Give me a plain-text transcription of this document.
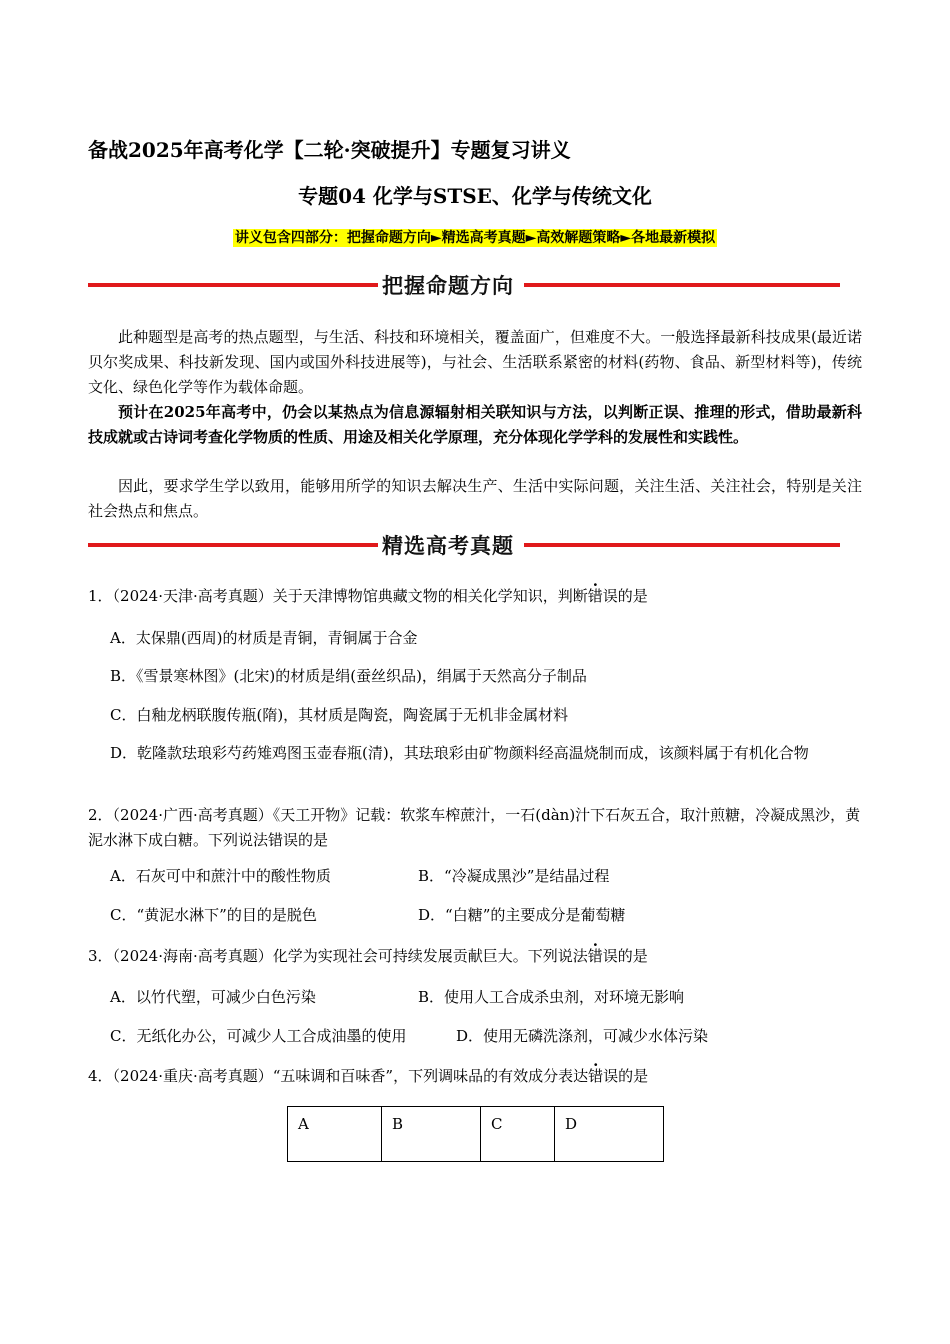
备战2025年高考化学【二轮·突破提升】专题复习讲义
专题04 化学与STSE、化学与传统文化
讲义包含四部分：把握命题方向►精选高考真题►高效解题策略►各地最新模拟
把握命题方向
此种题型是高考的热点题型，与生活、科技和环境相关，覆盖面广，但难度不大。一般选择最新科技成果(最近诺贝尔奖成果、科技新发现、国内或国外科技进展等)，与社会、生活联系紧密的材料(药物、食品、新型材料等)，传统文化、绿色化学等作为载体命题。
预计在2025年高考中，仍会以某热点为信息源辐射相关联知识与方法，以判断正误、推理的形式，借助最新科技成就或古诗词考查化学物质的性质、用途及相关化学原理，充分体现化学学科的发展性和实践性。
因此，要求学生学以致用，能够用所学的知识去解决生产、生活中实际问题，关注生活、关注社会，特别是关注社会热点和焦点。
精选高考真题
1．（2024·天津·高考真题）关于天津博物馆典藏文物的相关化学知识，判断错误的是
A．太保鼎(西周)的材质是青铜，青铜属于合金
B．《雪景寒林图》(北宋)的材质是绢(蚕丝织品)，绢属于天然高分子制品
C．白釉龙柄联腹传瓶(隋)，其材质是陶瓷，陶瓷属于无机非金属材料
D．乾隆款珐琅彩芍药雉鸡图玉壶春瓶(清)，其珐琅彩由矿物颜料经高温烧制而成，该颜料属于有机化合物
2．（2024·广西·高考真题）《天工开物》记载：软浆车榨蔗汁，一石(dàn)汁下石灰五合，取汁煎糖，冷凝成黑沙，黄泥水淋下成白糖。下列说法错误的是
A．石灰可中和蔗汁中的酸性物质	B．“冷凝成黑沙”是结晶过程
C．“黄泥水淋下”的目的是脱色	D．“白糖”的主要成分是葡萄糖
3．（2024·海南·高考真题）化学为实现社会可持续发展贡献巨大。下列说法错误的是
A．以竹代塑，可减少白色污染	B．使用人工合成杀虫剂，对环境无影响
C．无纸化办公，可减少人工合成油墨的使用	D．使用无磷洗涤剂，可减少水体污染
4．（2024·重庆·高考真题）“五味调和百味香”，下列调味品的有效成分表达错误的是
A	B	C	D
